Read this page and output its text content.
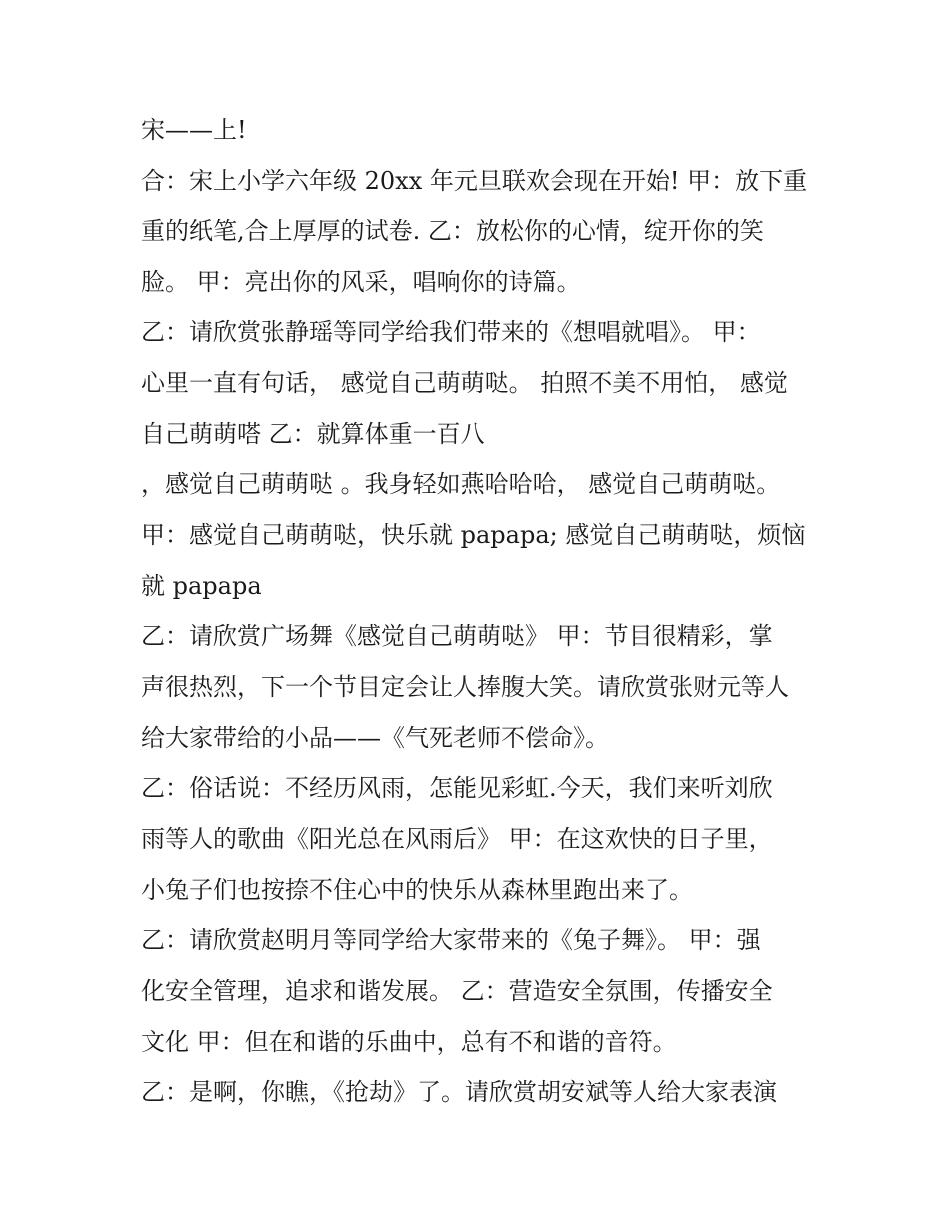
宋——上!
合：宋上小学六年级 20xx 年元旦联欢会现在开始! 甲：放下重
重的纸笔,合上厚厚的试卷. 乙：放松你的心情，绽开你的笑
脸。 甲：亮出你的风采，唱响你的诗篇。
乙：请欣赏张静瑶等同学给我们带来的《想唱就唱》。 甲：
心里一直有句话， 感觉自己萌萌哒。 拍照不美不用怕， 感觉
自己萌萌嗒 乙：就算体重一百八
，感觉自己萌萌哒 。我身轻如燕哈哈哈， 感觉自己萌萌哒。
甲：感觉自己萌萌哒，快乐就 papapa; 感觉自己萌萌哒，烦恼
就 papapa
乙：请欣赏广场舞《感觉自己萌萌哒》 甲：节目很精彩，掌
声很热烈，下一个节目定会让人捧腹大笑。请欣赏张财元等人
给大家带给的小品——《气死老师不偿命》。
乙：俗话说：不经历风雨，怎能见彩虹.今天，我们来听刘欣
雨等人的歌曲《阳光总在风雨后》 甲：在这欢快的日子里，
小兔子们也按捺不住心中的快乐从森林里跑出来了。
乙：请欣赏赵明月等同学给大家带来的《兔子舞》。 甲：强
化安全管理，追求和谐发展。 乙：营造安全氛围，传播安全
文化 甲：但在和谐的乐曲中，总有不和谐的音符。
乙：是啊，你瞧，《抢劫》了。请欣赏胡安斌等人给大家表演
